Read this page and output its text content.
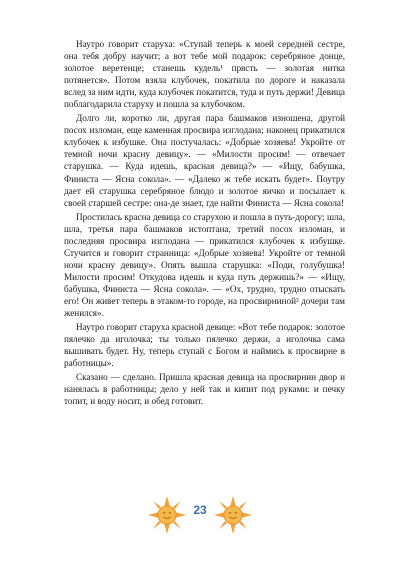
Наутро говорит старуха: «Ступай теперь к моей середней сестре, она тебя добру научит; а вот тебе мой подарок: серебряное донце, золотое веретенце; станешь кудель¹ прясть — золотая нитка потянется». Потом взяла клубочек, покатила по дороге и наказала вслед за ним идти, куда клубочек покатится, туда и путь держи! Девица поблагодарила старуху и пошла за клубочком.

Долго ли, коротко ли, другая пара башмаков изношена, другой посох изломан, еще каменная просвира изглодана; наконец прикатился клубочек к избушке. Она постучалась: «Добрые хозяева! Укройте от темной ночи красну девицу». — «Милости просим! — отвечает старушка. — Куда идешь, красная девица?» — «Ищу, бабушка, Финиста — Ясна сокола». — «Далеко ж тебе искать будет». Поутру дает ей старушка серебряное блюдо и золотое яичко и посылает к своей старшей сестре: она-де знает, где найти Финиста — Ясна сокола!

Простилась красна девица со старухою и пошла в путь-дорогу; шла, шла, третья пара башмаков истоптана, третий посох изломан, и последняя просвира изглодана — прикатился клубочек к избушке. Стучится и говорит странница: «Добрые хозяева! Укройте от темной ночи красну девицу». Опять вышла старушка: «Поди, голубушка! Милости просим! Откудова идешь и куда путь держишь?» — «Ищу, бабушка, Финиста — Ясна сокола». — «Ох, трудно, трудно отыскать его! Он живет теперь в этаком-то городе, на просвирниной² дочери там женился».

Наутро говорит старуха красной девице: «Вот тебе подарок: золотое пялечко да иголочка; ты только пялечко держи, а иголочка сама вышивать будет. Ну, теперь ступай с Богом и наймись к просвирне в работницы».

Сказано — сделано. Пришла красная девица на просвирнин двор и нанялась в работницы; дело у ней так и кипит под руками: и печку топит, и воду носит, и обед готовит.

23
